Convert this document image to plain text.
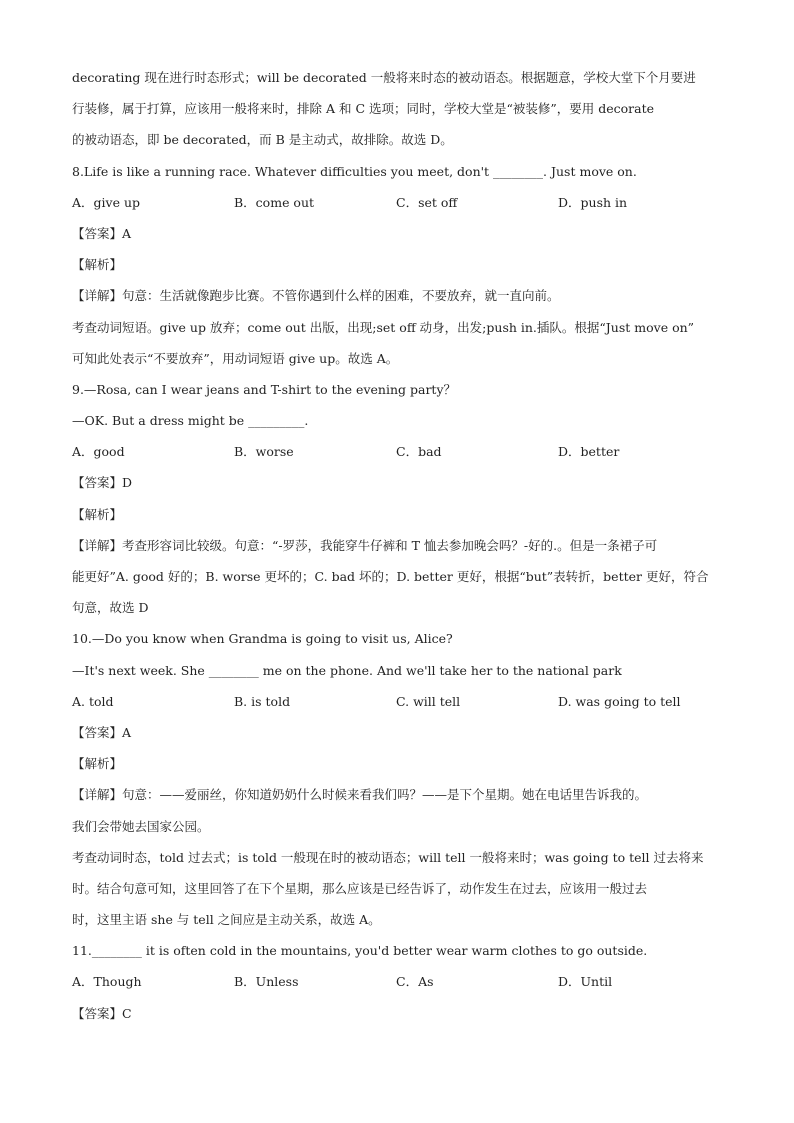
decorating 现在进行时态形式；will be decorated 一般将来时态的被动语态。根据题意，学校大堂下个月要进
行装修，属于打算，应该用一般将来时，排除 A 和 C 选项；同时，学校大堂是“被装修”，要用 decorate
的被动语态，即 be decorated，而 B 是主动式，故排除。故选 D。
8.Life is like a running race. Whatever difficulties you meet, don't ________. Just move on.
A．give up	B．come out	C．set off	D．push in
【答案】A
【解析】
【详解】句意：生活就像跑步比赛。不管你遇到什么样的困难，不要放弃，就一直向前。
考查动词短语。give up 放弃；come out 出版，出现;set off 动身，出发;push in.插队。根据“Just move on”
可知此处表示“不要放弃”，用动词短语 give up。故选 A。
9.—Rosa, can I wear jeans and T-shirt to the evening party？
—OK. But a dress might be _________.
A．good	B．worse	C．bad	D．better
【答案】D
【解析】
【详解】考查形容词比较级。句意：“-罗莎，我能穿牛仔裤和 T 恤去参加晚会吗？-好的.。但是一条裙子可
能更好”A. good 好的；B. worse 更坏的；C. bad 坏的；D. better 更好，根据“but”表转折，better 更好，符合
句意，故选 D
10.—Do you know when Grandma is going to visit us, Alice?
—It's next week. She ________ me on the phone. And we'll take her to the national park
A. told	B. is told	C. will tell	D. was going to tell
【答案】A
【解析】
【详解】句意：——爱丽丝，你知道奶奶什么时候来看我们吗？——是下个星期。她在电话里告诉我的。
我们会带她去国家公园。
考查动词时态，told 过去式；is told 一般现在时的被动语态；will tell 一般将来时；was going to tell 过去将来
时。结合句意可知，这里回答了在下个星期，那么应该是已经告诉了，动作发生在过去，应该用一般过去
时，这里主语 she 与 tell 之间应是主动关系，故选 A。
11.________ it is often cold in the mountains, you'd better wear warm clothes to go outside.
A．Though	B．Unless	C．As	D．Until
【答案】C
